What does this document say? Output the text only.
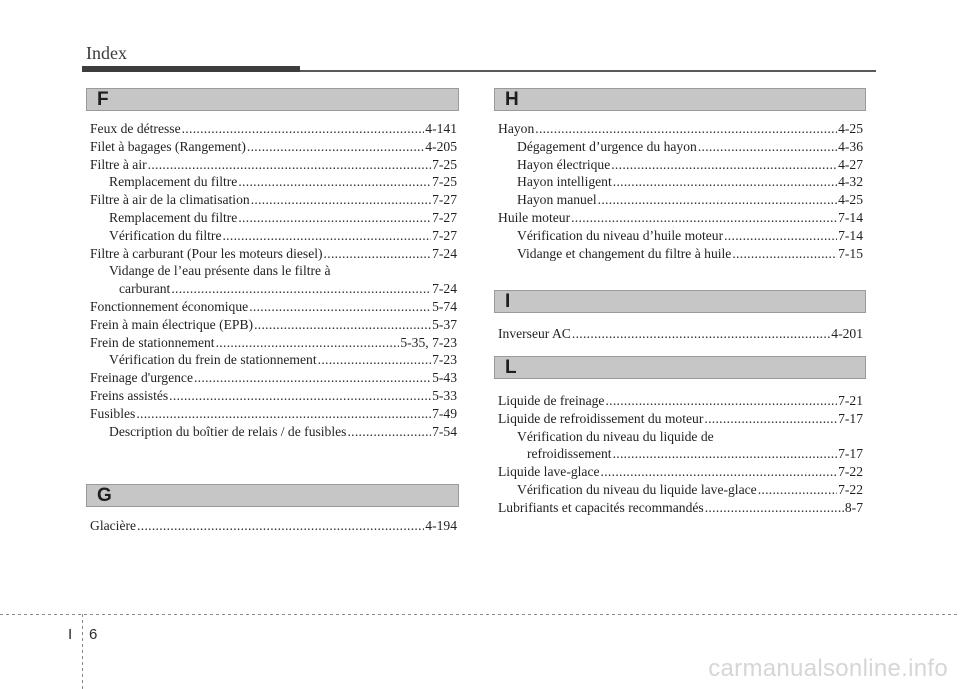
Index
F
Feux de détresse .....	4-141
Filet à bagages (Rangement) .....	4-205
Filtre à air .....	7-25
Remplacement du filtre .....	7-25
Filtre à air de la climatisation .....	7-27
Remplacement du filtre .....	7-27
Vérification du filtre .....	7-27
Filtre à carburant (Pour les moteurs diesel) .....	7-24
Vidange de l’eau présente dans le filtre à
carburant .....	7-24
Fonctionnement économique .....	5-74
Frein à main électrique (EPB) .....	5-37
Frein de stationnement .....	5-35, 7-23
Vérification du frein de stationnement .....	7-23
Freinage d'urgence .....	5-43
Freins assistés .....	5-33
Fusibles .....	7-49
Description du boîtier de relais / de fusibles .....	7-54
G
Glacière .....	4-194
H
Hayon .....	4-25
Dégagement d’urgence du hayon .....	4-36
Hayon électrique .....	4-27
Hayon intelligent .....	4-32
Hayon manuel .....	4-25
Huile moteur .....	7-14
Vérification du niveau d’huile moteur .....	7-14
Vidange et changement du filtre à huile .....	7-15
I
Inverseur AC .....	4-201
L
Liquide de freinage .....	7-21
Liquide de refroidissement du moteur .....	7-17
Vérification du niveau du liquide de
refroidissement .....	7-17
Liquide lave-glace .....	7-22
Vérification du niveau du liquide lave-glace .....	7-22
Lubrifiants et capacités recommandés .....	8-7
I 6
carmanualsonline.info
